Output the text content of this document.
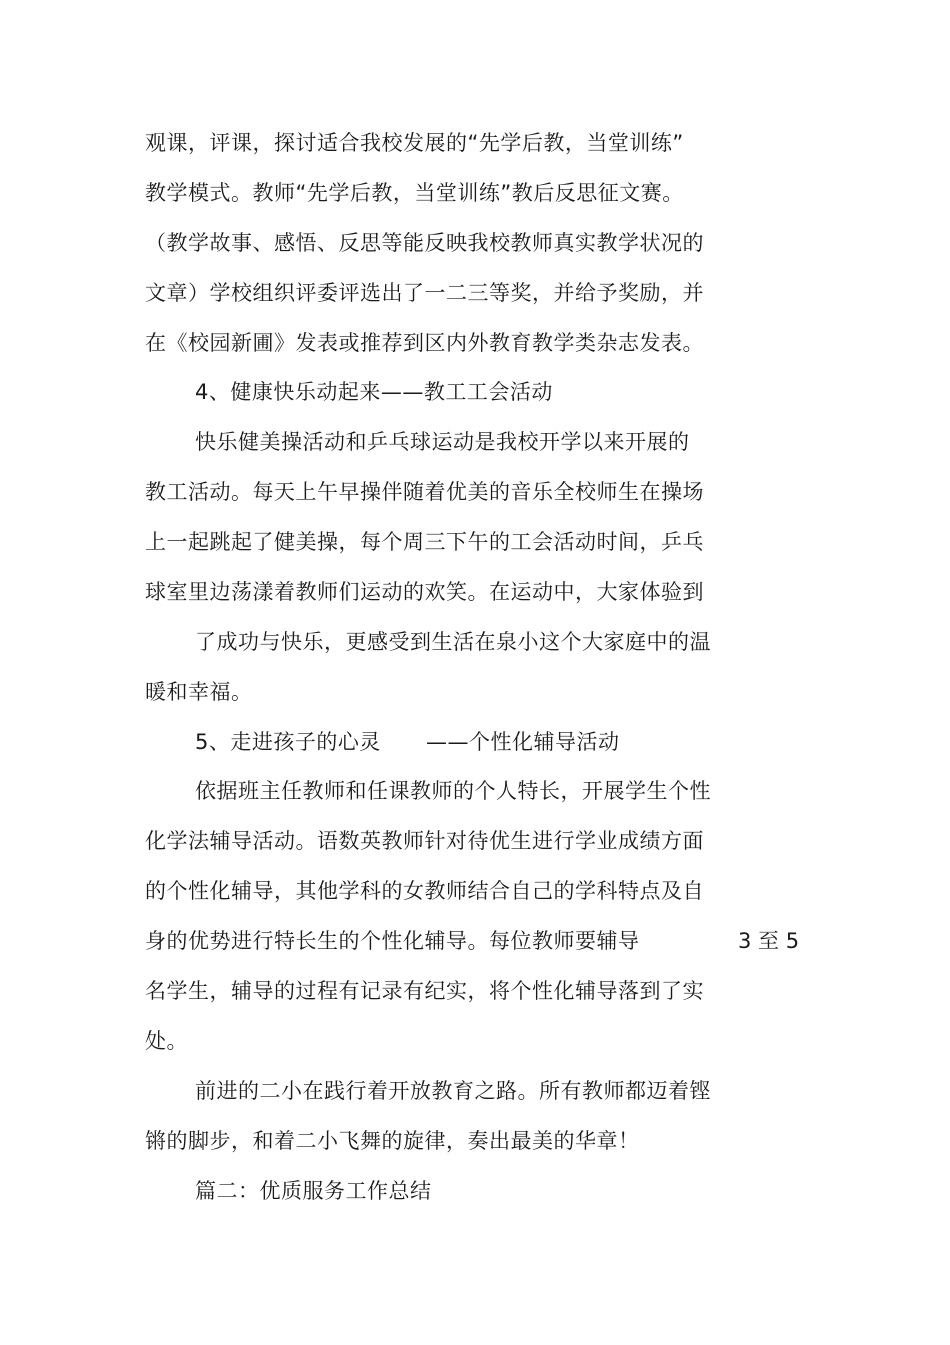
观课，评课，探讨适合我校发展的“先学后教，当堂训练”
教学模式。教师“先学后教，当堂训练”教后反思征文赛。
（教学故事、感悟、反思等能反映我校教师真实教学状况的
文章）学校组织评委评选出了一二三等奖，并给予奖励，并
在《校园新圃》发表或推荐到区内外教育教学类杂志发表。
4、健康快乐动起来——教工工会活动
快乐健美操活动和乒乓球运动是我校开学以来开展的
教工活动。每天上午早操伴随着优美的音乐全校师生在操场
上一起跳起了健美操，每个周三下午的工会活动时间，乒乓
球室里边荡漾着教师们运动的欢笑。在运动中，大家体验到
了成功与快乐，更感受到生活在泉小这个大家庭中的温
暖和幸福。
5、走进孩子的心灵 ——个性化辅导活动
依据班主任教师和任课教师的个人特长，开展学生个性
化学法辅导活动。语数英教师针对待优生进行学业成绩方面
的个性化辅导，其他学科的女教师结合自己的学科特点及自
身的优势进行特长生的个性化辅导。每位教师要辅导	3 至 5
名学生，辅导的过程有记录有纪实，将个性化辅导落到了实
处。
前进的二小在践行着开放教育之路。所有教师都迈着铿
锵的脚步，和着二小飞舞的旋律，奏出最美的华章！
篇二：优质服务工作总结
